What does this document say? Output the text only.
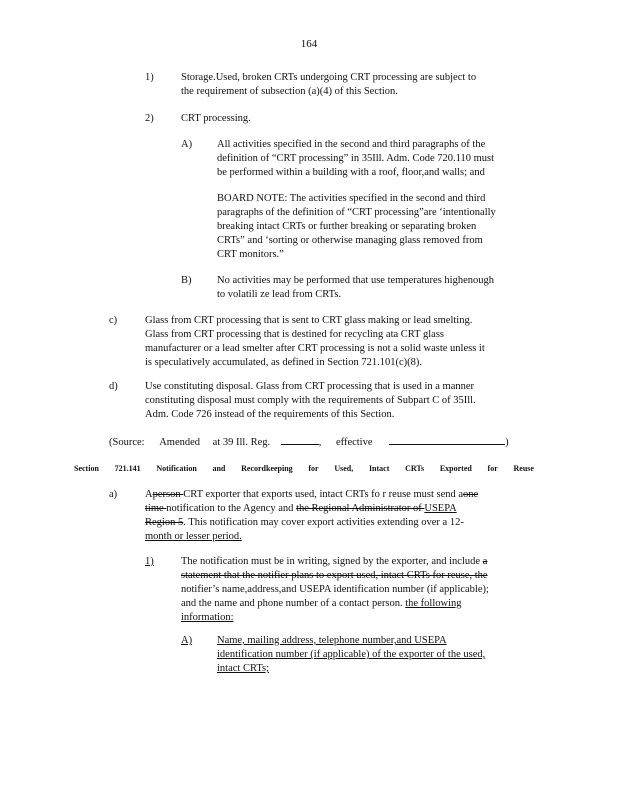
164
1)	Storage.Used, broken CRTs undergoing CRT processing are subject to
the requirement of subsection (a)(4) of this Section.
2)	CRT processing.
A) All activities specified in the second and third paragraphs of the
definition of “CRT processing” in 35Ill. Adm. Code 720.110 must
be performed within a building with a roof, floor,and walls; and
BOARD NOTE: The activities specified in the second and third
paragraphs of the definition of “CRT processing”are ‘intentionally
breaking intact CRTs or further breaking or separating broken
CRTs” and ‘sorting or otherwise managing glass removed from
CRT monitors.”
B) No activities may be performed that use temperatures highenough
to volatili ze lead from CRTs.
c)	Glass from CRT processing that is sent to CRT glass making or lead smelting.
Glass from CRT processing that is destined for recycling ata CRT glass
manufacturer or a lead smelter after CRT processing is not a solid waste unless it
is speculatively accumulated, as defined in Section 721.101(c)(8).
d)	Use constituting disposal. Glass from CRT processing that is used in a manner
constituting disposal must comply with the requirements of Subpart C of 35Ill.
Adm. Code 726 instead of the requirements of this Section.
(Source: Amended at 39 Ill. Reg.	, effective	)
Section 721.141 Notification and Recordkeeping for Used, Intact CRTs Exported for Reuse
a)	Aperson CRT exporter that exports used, intact CRTs fo r reuse must send aone
time notification to the Agency and the Regional Administrator of USEPA
Region 5. This notification may cover export activities extending over a 12-
month or lesser period.
1)	The notification must be in writing, signed by the exporter, and include a
statement that the notifier plans to export used, intact CRTs for reuse, the
notifier’s name,address,and USEPA identification number (if applicable);
and the name and phone number of a contact person. the following
information:
A)	Name, mailing address, telephone number,and USEPA
identification number (if applicable) of the exporter of the used,
intact CRTs;
